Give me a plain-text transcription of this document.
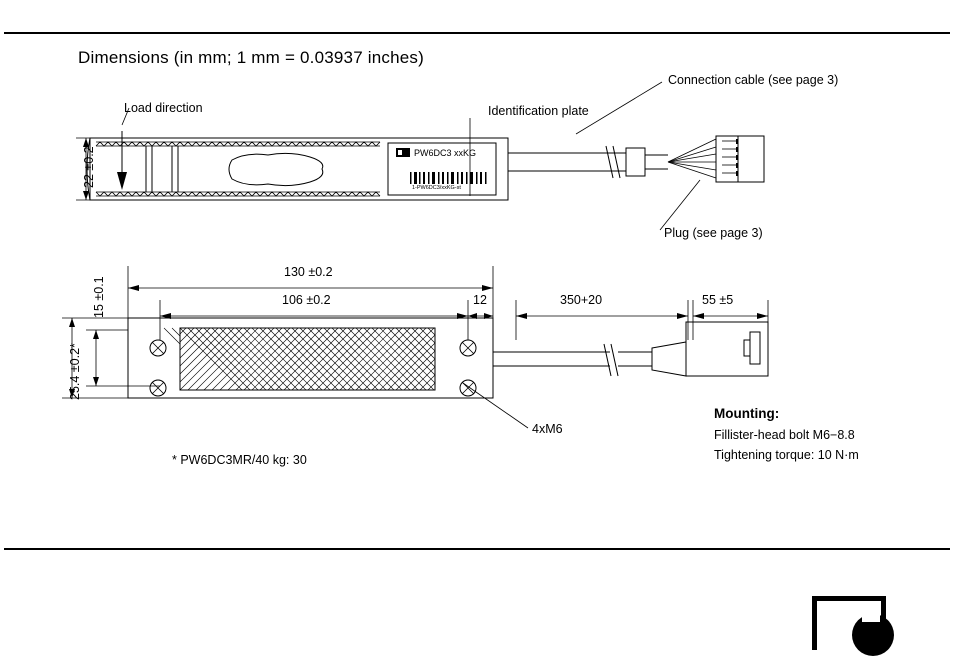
Dimensions (in mm; 1 mm = 0.03937 inches)
Load direction	Identification plate
Connection cable (see page 3)
Plug (see page 3)
22 ±0.2	PW6DC3 xxKG
1-PW6DC3/xxKG-st
130 ±0.2
106 ±0.2	12	350+20	55 ±5
15 ±0.1
25.4 ±0.2*
4xM6
* PW6DC3MR/40 kg: 30
Mounting:
Fillister-head bolt M6−8.8
Tightening torque: 10 N·m
